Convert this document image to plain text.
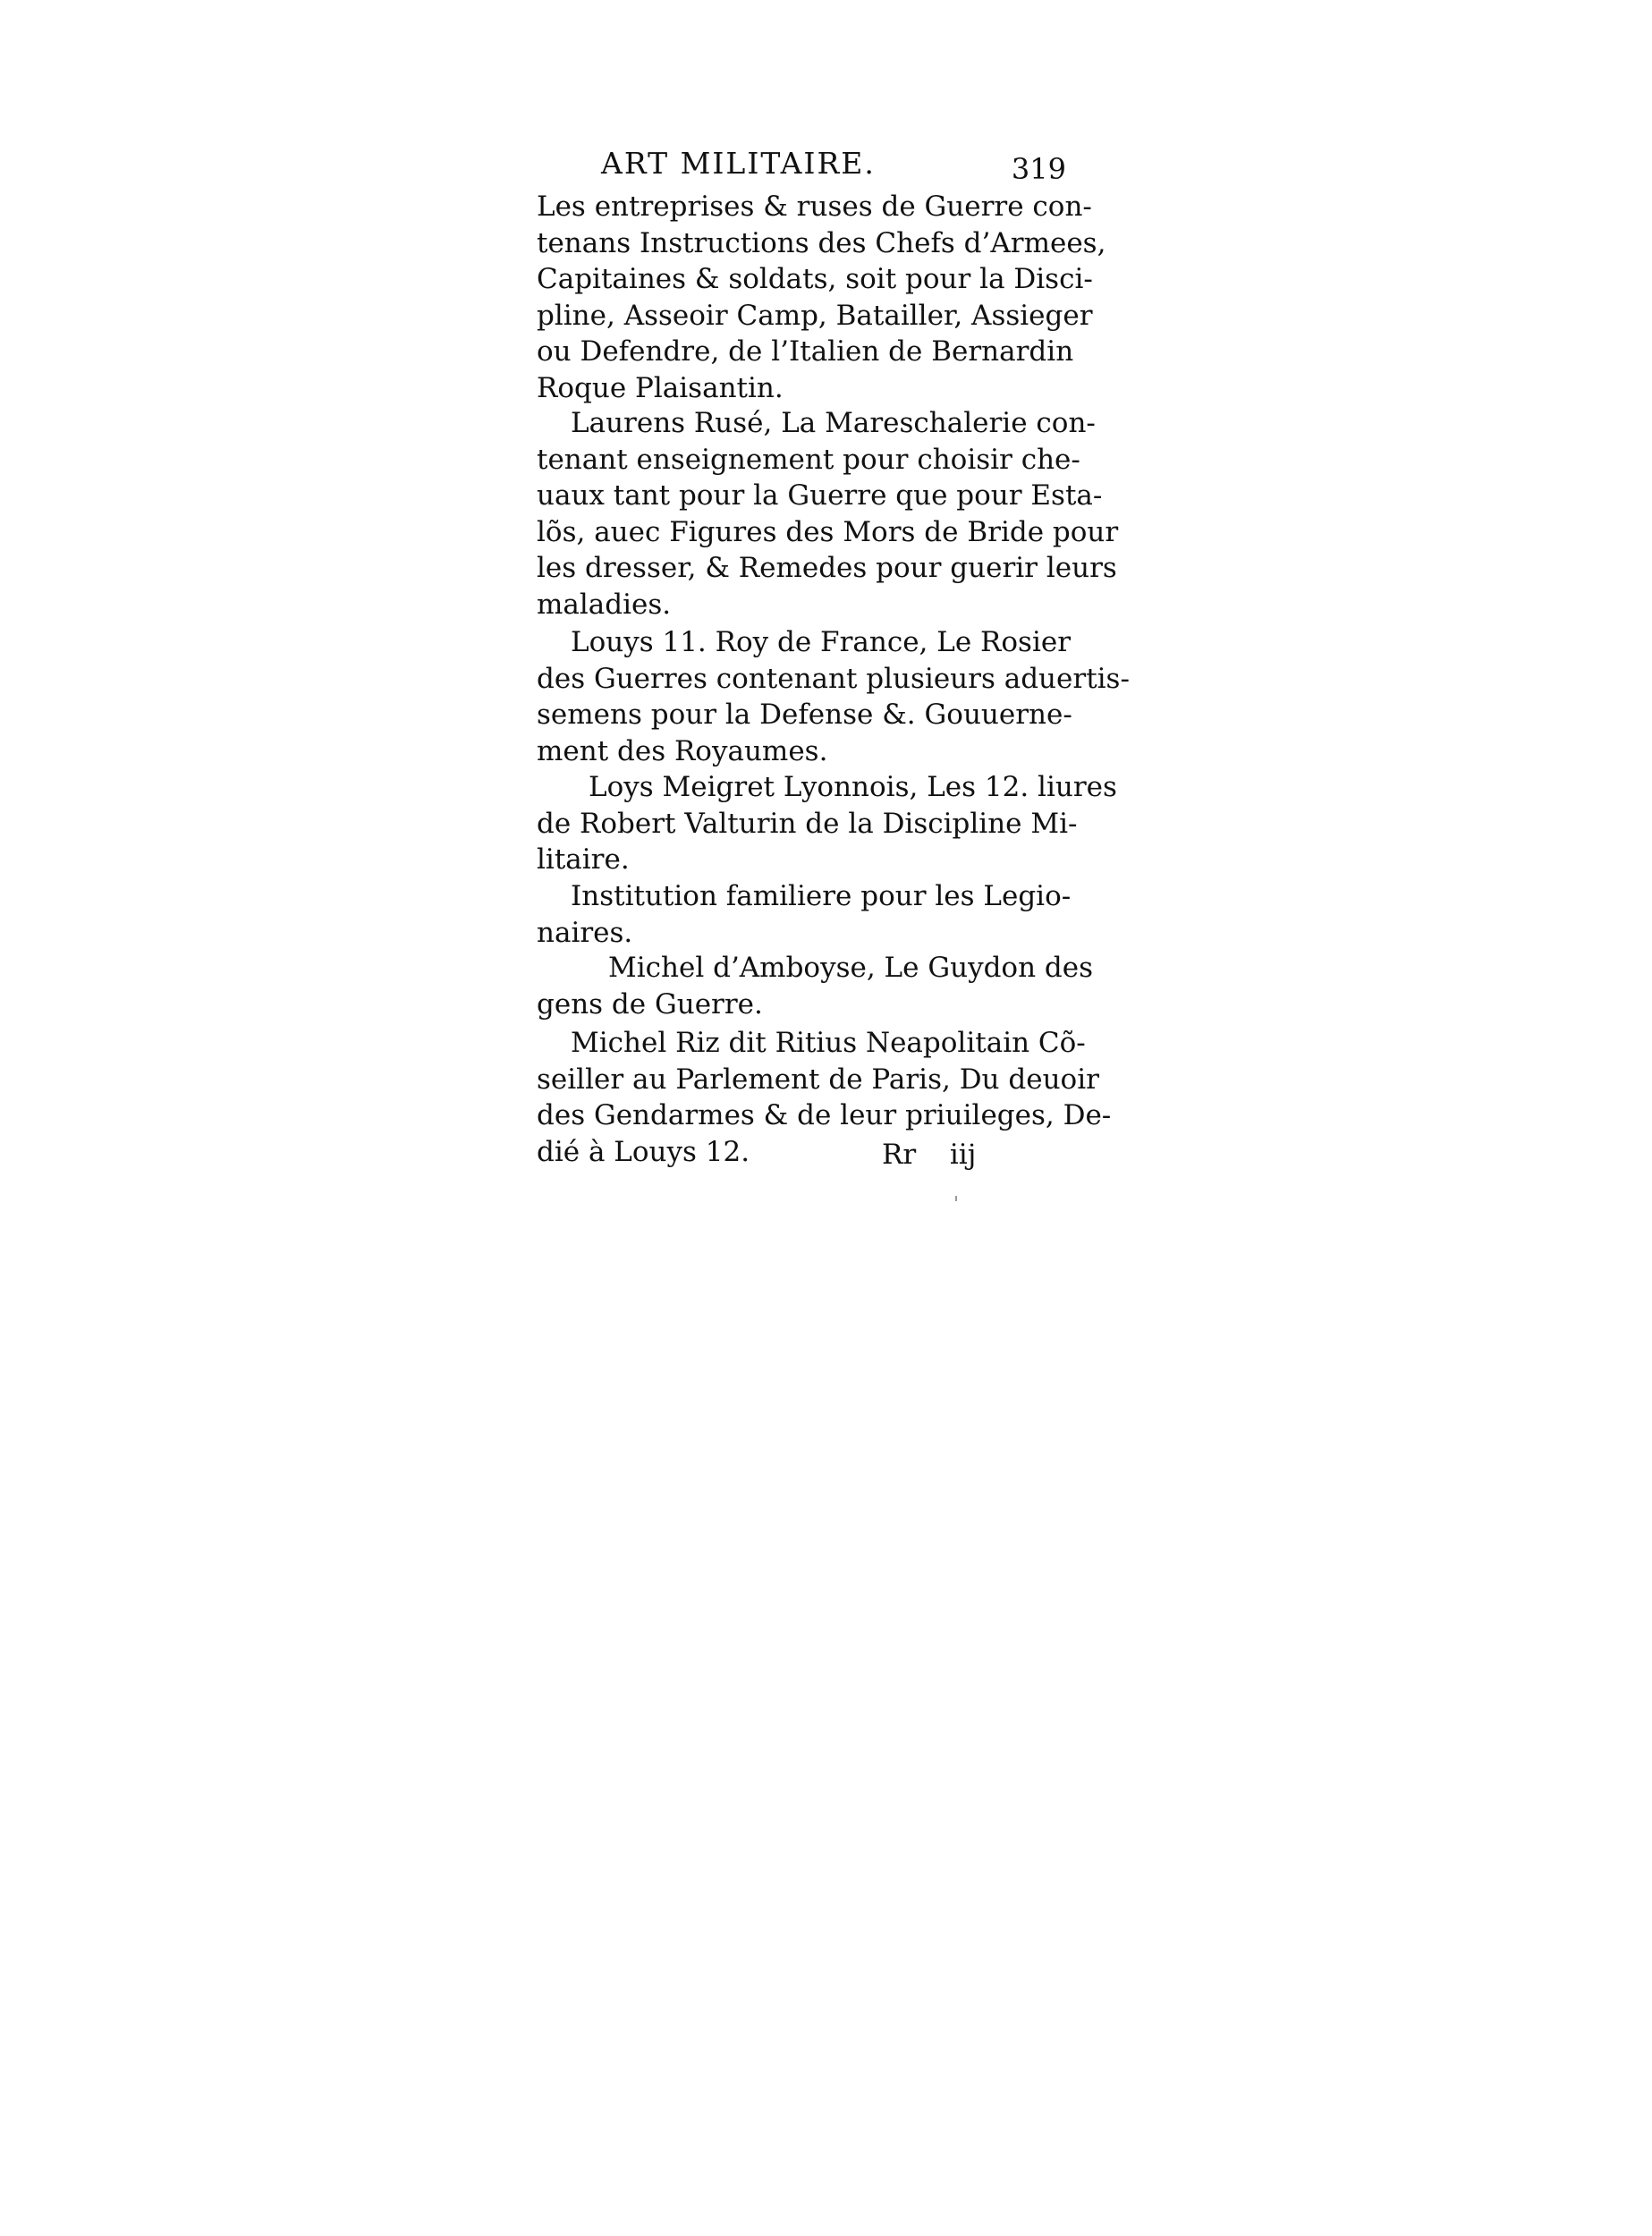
ART MILITAIRE.	319
Les entreprises & ruses de Guerre con-
tenans Instructions des Chefs d’Armees,
Capitaines & soldats, soit pour la Disci-
pline, Asseoir Camp, Batailler, Assieger
ou Defendre, de l’Italien de Bernardin
Roque Plaisantin.
Laurens Rusé, La Mareschalerie con-
tenant enseignement pour choisir che-
uaux tant pour la Guerre que pour Esta-
lõs, auec Figures des Mors de Bride pour
les dresser, & Remedes pour guerir leurs
maladies.
Louys 11. Roy de France, Le Rosier
des Guerres contenant plusieurs aduertis-
semens pour la Defense &. Gouuerne-
ment des Royaumes.
Loys Meigret Lyonnois, Les 12. liures
de Robert Valturin de la Discipline Mi-
litaire.
Institution familiere pour les Legio-
naires.
Michel d’Amboyse, Le Guydon des
gens de Guerre.
Michel Riz dit Ritius Neapolitain Cõ-
seiller au Parlement de Paris, Du deuoir
des Gendarmes & de leur priuileges, De-
dié à Louys 12.	Rr iij
